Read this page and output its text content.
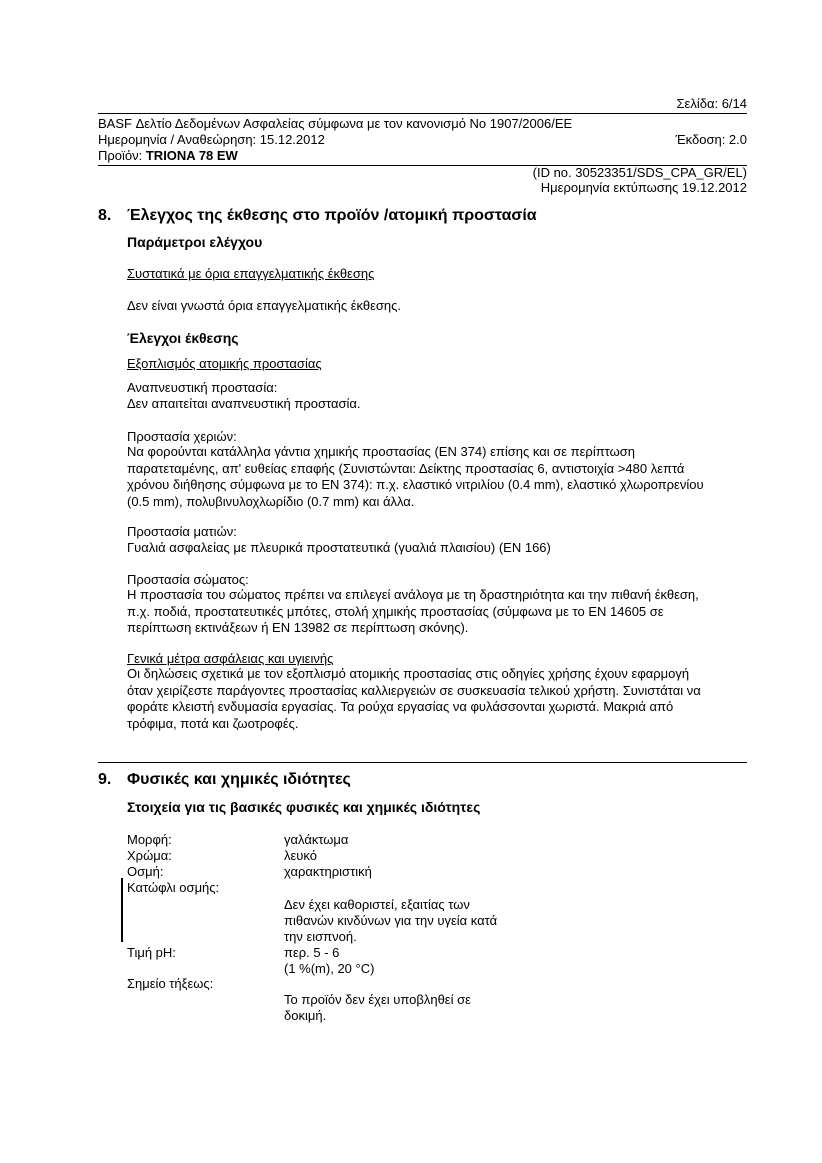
Σελίδα: 6/14
BASF Δελτίο Δεδομένων Ασφαλείας σύμφωνα με τον κανονισμό No 1907/2006/ΕΕ
Ημερομηνία / Αναθεώρηση: 15.12.2012	Έκδοση: 2.0
Προϊόν: TRIONA 78 EW
(ID no. 30523351/SDS_CPA_GR/EL)
Ημερομηνία εκτύπωσης 19.12.2012
8. Έλεγχος της έκθεσης στο προϊόν /ατομική προστασία
Παράμετροι ελέγχου
Συστατικά με όρια επαγγελματικής έκθεσης
Δεν είναι γνωστά όρια επαγγελματικής έκθεσης.
Έλεγχοι έκθεσης
Εξοπλισμός ατομικής προστασίας
Αναπνευστική προστασία:
Δεν απαιτείται αναπνευστική προστασία.
Προστασία χεριών:
Να φορούνται κατάλληλα γάντια χημικής προστασίας (EN 374) επίσης και σε περίπτωση
παρατεταμένης, απ' ευθείας επαφής (Συνιστώνται: Δείκτης προστασίας 6, αντιστοιχία >480 λεπτά
χρόνου διήθησης σύμφωνα με το EN 374): π.χ. ελαστικό νιτριλίου (0.4 mm), ελαστικό χλωροπρενίου
(0.5 mm), πολυβινυλοχλωρίδιο (0.7 mm) και άλλα.
Προστασία ματιών:
Γυαλιά ασφαλείας με πλευρικά προστατευτικά (γυαλιά πλαισίου) (EN 166)
Προστασία σώματος:
Η προστασία του σώματος πρέπει να επιλεγεί ανάλογα με τη δραστηριότητα και την πιθανή έκθεση,
π.χ. ποδιά, προστατευτικές μπότες, στολή χημικής προστασίας (σύμφωνα με το EN 14605 σε
περίπτωση εκτινάξεων ή EN 13982 σε περίπτωση σκόνης).
Γενικά μέτρα ασφάλειας και υγιεινής
Οι δηλώσεις σχετικά με τον εξοπλισμό ατομικής προστασίας στις οδηγίες χρήσης έχουν εφαρμογή
όταν χειρίζεστε παράγοντες προστασίας καλλιεργειών σε συσκευασία τελικού χρήστη. Συνιστάται να
φοράτε κλειστή ενδυμασία εργασίας. Τα ρούχα εργασίας να φυλάσσονται χωριστά. Μακριά από
τρόφιμα, ποτά και ζωοτροφές.
9. Φυσικές και χημικές ιδιότητες
Στοιχεία για τις βασικές φυσικές και χημικές ιδιότητες
Μορφή:	γαλάκτωμα
Χρώμα:	λευκό
Οσμή:	χαρακτηριστική
Κατώφλι οσμής:
Δεν έχει καθοριστεί, εξαιτίας των
πιθανών κινδύνων για την υγεία κατά
την εισπνοή.
Τιμή pH:	περ. 5 - 6
(1 %(m), 20 °C)
Σημείο τήξεως:
Το προϊόν δεν έχει υποβληθεί σε
δοκιμή.
